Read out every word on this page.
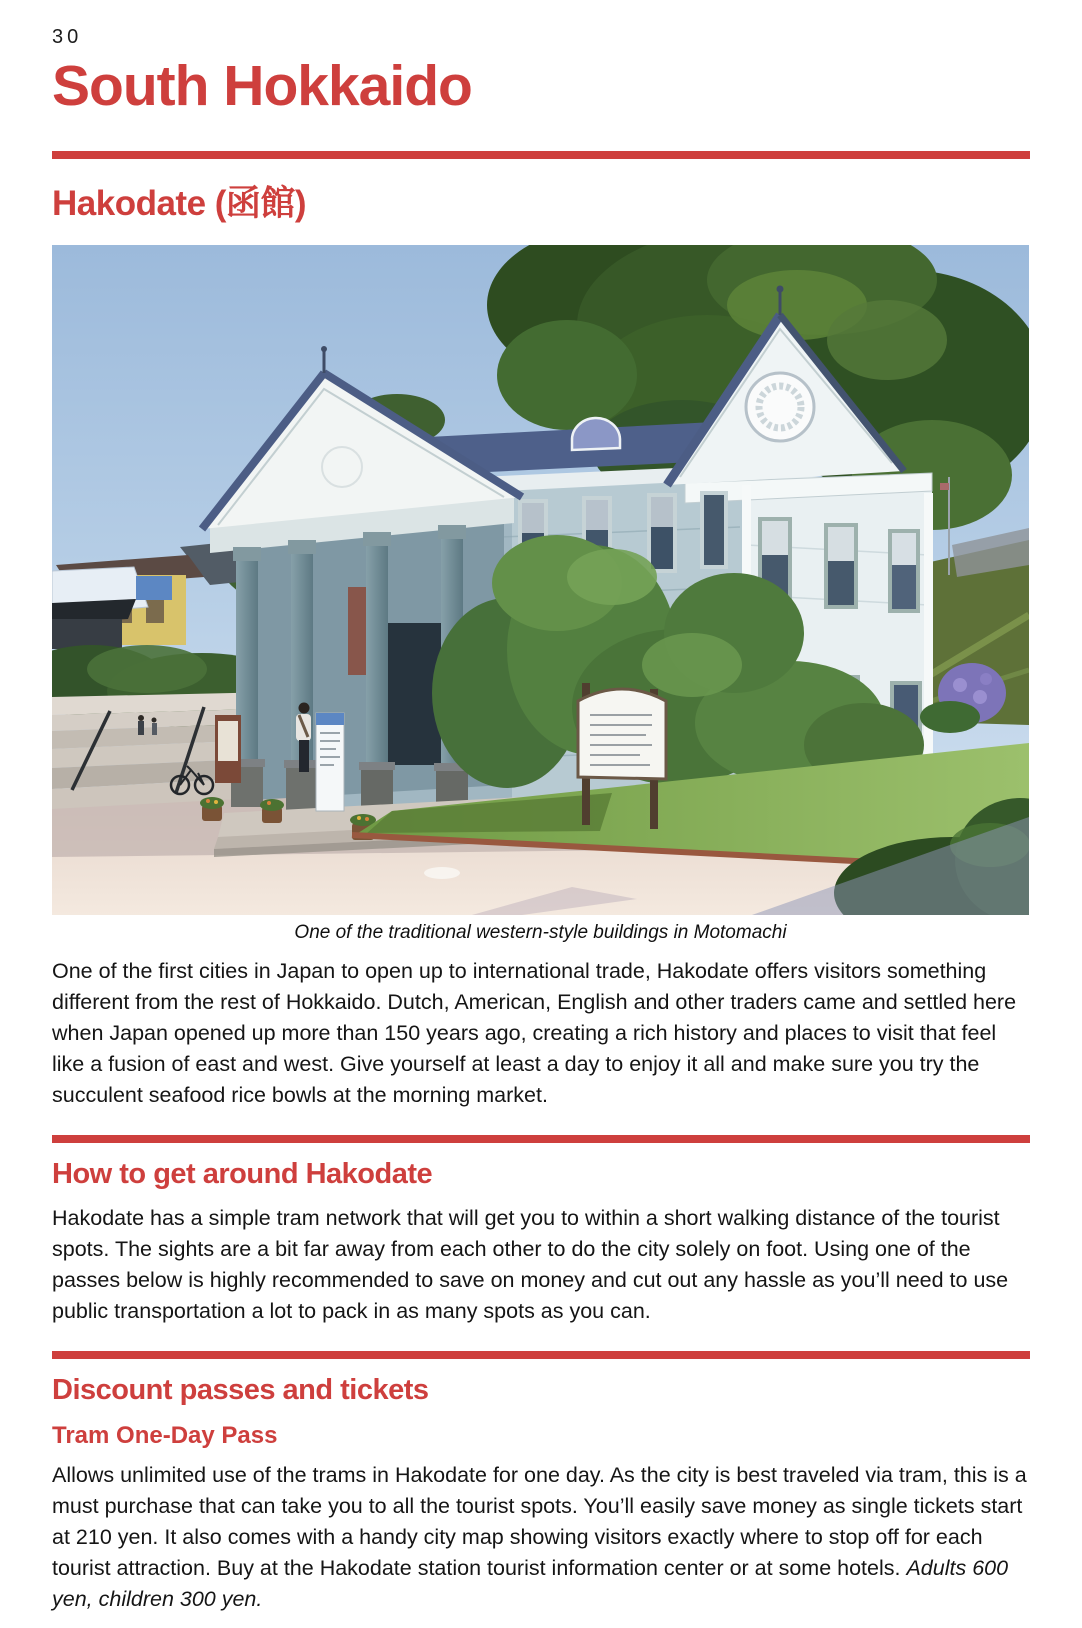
30
South Hokkaido
Hakodate (函館)
One of the traditional western-style buildings in Motomachi

One of the first cities in Japan to open up to international trade, Hakodate offers visitors something different from the rest of Hokkaido. Dutch, American, English and other traders came and settled here when Japan opened up more than 150 years ago, creating a rich history and places to visit that feel like a fusion of east and west. Give yourself at least a day to enjoy it all and make sure you try the succulent seafood rice bowls at the morning market.

How to get around Hakodate

Hakodate has a simple tram network that will get you to within a short walking distance of the tourist spots. The sights are a bit far away from each other to do the city solely on foot. Using one of the passes below is highly recommended to save on money and cut out any hassle as you’ll need to use public transportation a lot to pack in as many spots as you can.

Discount passes and tickets
Tram One-Day Pass

Allows unlimited use of the trams in Hakodate for one day. As the city is best traveled via tram, this is a must purchase that can take you to all the tourist spots. You’ll easily save money as single tickets start at 210 yen. It also comes with a handy city map showing visitors exactly where to stop off for each tourist attraction. Buy at the Hakodate station tourist information center or at some hotels. Adults 600 yen, children 300 yen.
